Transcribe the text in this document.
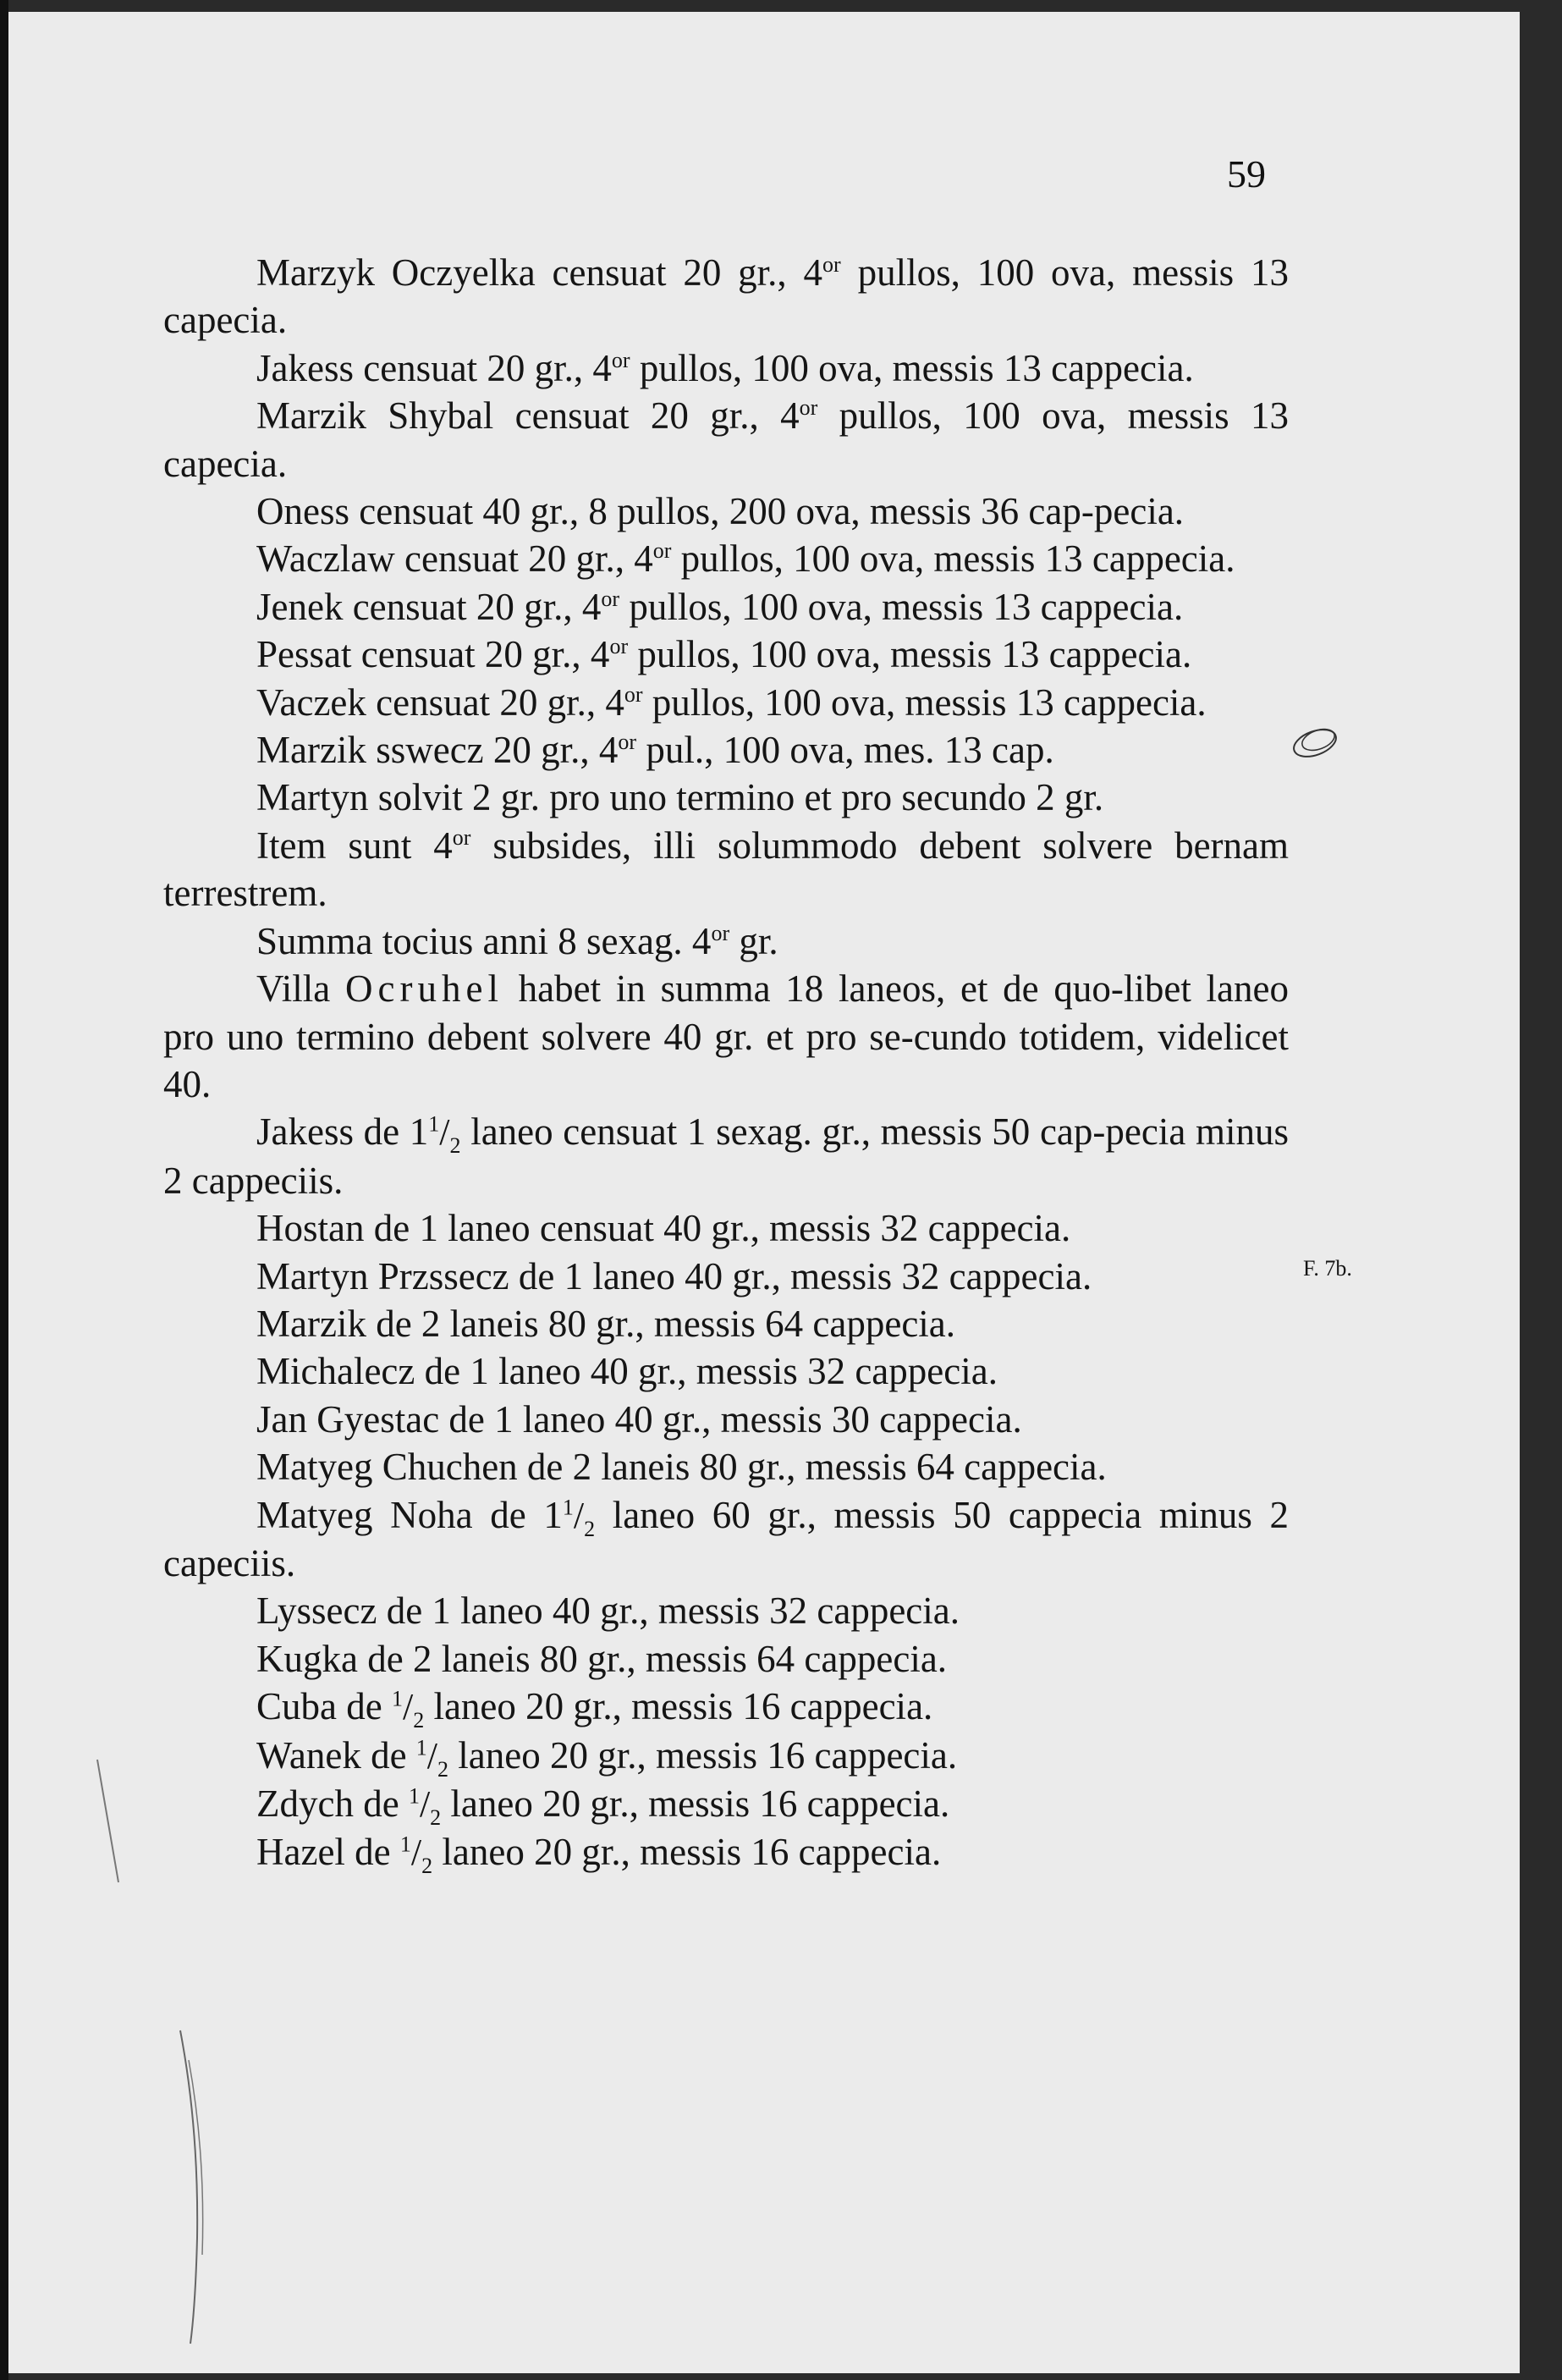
59
F. 7b.

Marzyk Oczyelka censuat 20 gr., $4^{or}$ pullos, 100 ova, messis 13 capecia.

Jakess censuat 20 gr., $4^{or}$ pullos, 100 ova, messis 13 cappecia.

Marzik Shybal censuat 20 gr., $4^{or}$ pullos, 100 ova, messis 13 capecia.

Oness censuat 40 gr., 8 pullos, 200 ova, messis 36 cap-pecia.

Waczlaw censuat 20 gr., $4^{or}$ pullos, 100 ova, messis 13 cappecia.

Jenek censuat 20 gr., $4^{or}$ pullos, 100 ova, messis 13 cappecia.

Pessat censuat 20 gr., $4^{or}$ pullos, 100 ova, messis 13 cappecia.

Vaczek censuat 20 gr., $4^{or}$ pullos, 100 ova, messis 13 cappecia.

Marzik sswecz 20 gr., $4^{or}$ pul., 100 ova, mes. 13 cap.

Martyn solvit 2 gr. pro uno termino et pro secundo 2 gr.

Item sunt $4^{or}$ subsides, illi solummodo debent solvere bernam terrestrem.

Summa tocius anni 8 sexag. $4^{or}$ gr.

Villa Ocruhel habet in summa 18 laneos, et de quo-libet laneo pro uno termino debent solvere 40 gr. et pro se-cundo totidem, videlicet 40.

Jakess de $1^1/_2$ laneo censuat 1 sexag. gr., messis 50 cap-pecia minus 2 cappeciis.

Hostan de 1 laneo censuat 40 gr., messis 32 cappecia.

Martyn Przssecz de 1 laneo 40 gr., messis 32 cappecia.

Marzik de 2 laneis 80 gr., messis 64 cappecia.

Michalecz de 1 laneo 40 gr., messis 32 cappecia.

Jan Gyestac de 1 laneo 40 gr., messis 30 cappecia.

Matyeg Chuchen de 2 laneis 80 gr., messis 64 cappecia.

Matyeg Noha de $1^1/_2$ laneo 60 gr., messis 50 cappecia minus 2 capeciis.

Lyssecz de 1 laneo 40 gr., messis 32 cappecia.

Kugka de 2 laneis 80 gr., messis 64 cappecia.

Cuba de $^1/_2$ laneo 20 gr., messis 16 cappecia.

Wanek de $^1/_2$ laneo 20 gr., messis 16 cappecia.

Zdych de $^1/_2$ laneo 20 gr., messis 16 cappecia.

Hazel de $^1/_2$ laneo 20 gr., messis 16 cappecia.
